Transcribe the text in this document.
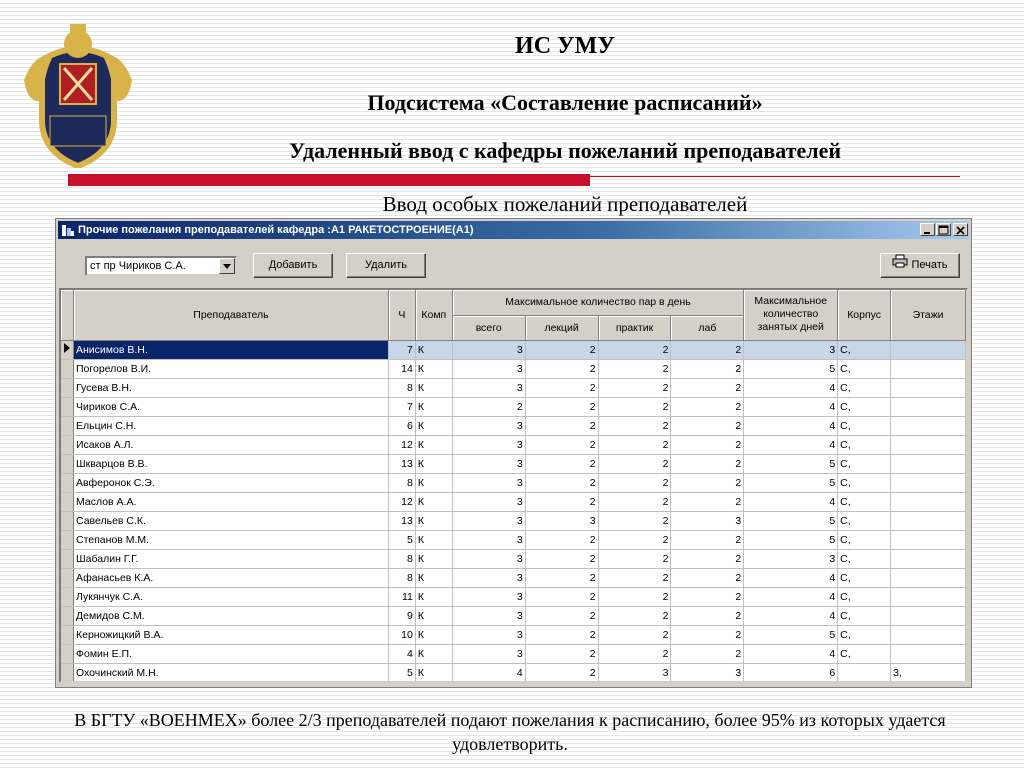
ИС УМУ
Подсистема «Составление расписаний»
Удаленный ввод с кафедры пожеланий преподавателей
Ввод особых пожеланий преподавателей
Прочие пожелания преподавателей кафедра :А1 РАКЕТОСТРОЕНИЕ(А1)
ст пр Чириков С.А.	Добавить	Удалить	Печать
	Преподаватель	Ч	Комп	Максимальное количество пар в день				Максимальное количество занятых дней	Корпус	Этажи
				всего	лекций	практик	лаб			
	Анисимов В.Н.	7	К	3	2	2	2	3	С,	
	Погорелов В.И.	14	К	3	2	2	2	5	С,	
	Гусева В.Н.	8	К	3	2	2	2	4	С,	
	Чириков С.А.	7	К	2	2	2	2	4	С,	
	Ельцин С.Н.	6	К	3	2	2	2	4	С,	
	Исаков А.Л.	12	К	3	2	2	2	4	С,	
	Шкварцов В.В.	13	К	3	2	2	2	5	С,	
	Авферонок С.Э.	8	К	3	2	2	2	5	С,	
	Маслов А.А.	12	К	3	2	2	2	4	С,	
	Савельев С.К.	13	К	3	3	2	3	5	С,	
	Степанов М.М.	5	К	3	2	2	2	5	С,	
	Шабалин Г.Г.	8	К	3	2	2	2	3	С,	
	Афанасьев К.А.	8	К	3	2	2	2	4	С,	
	Лукянчук С.А.	11	К	3	2	2	2	4	С,	
	Демидов С.М.	9	К	3	2	2	2	4	С,	
	Керножицкий В.А.	10	К	3	2	2	2	5	С,	
	Фомин Е.П.	4	К	3	2	2	2	4	С,	
	Охочинский М.Н.	5	К	4	2	3	3	6		3,
В БГТУ «ВОЕНМЕХ» более 2/3 преподавателей подают пожелания к расписанию, более 95% из которых удается удовлетворить.
